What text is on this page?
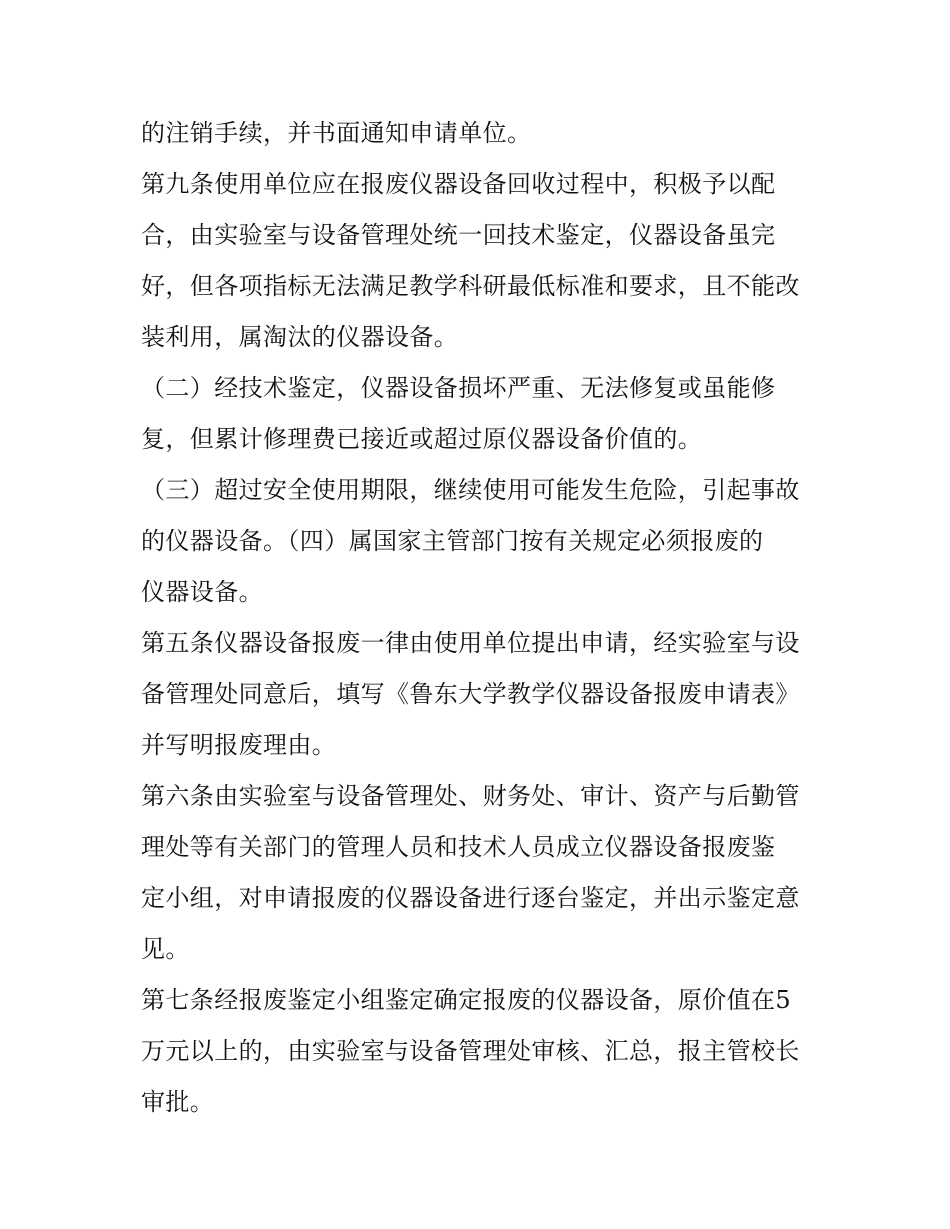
的注销手续，并书面通知申请单位。
第九条使用单位应在报废仪器设备回收过程中，积极予以配
合，由实验室与设备管理处统一回技术鉴定，仪器设备虽完
好，但各项指标无法满足教学科研最低标准和要求，且不能改
装利用，属淘汰的仪器设备。
（二）经技术鉴定，仪器设备损坏严重、无法修复或虽能修
复，但累计修理费已接近或超过原仪器设备价值的。
（三）超过安全使用期限，继续使用可能发生危险，引起事故
的仪器设备。（四）属国家主管部门按有关规定必须报废的
仪器设备。
第五条仪器设备报废一律由使用单位提出申请，经实验室与设
备管理处同意后，填写《鲁东大学教学仪器设备报废申请表》
并写明报废理由。
第六条由实验室与设备管理处、财务处、审计、资产与后勤管
理处等有关部门的管理人员和技术人员成立仪器设备报废鉴
定小组，对申请报废的仪器设备进行逐台鉴定，并出示鉴定意
见。
第七条经报废鉴定小组鉴定确定报废的仪器设备，原价值在5
万元以上的，由实验室与设备管理处审核、汇总，报主管校长
审批。
